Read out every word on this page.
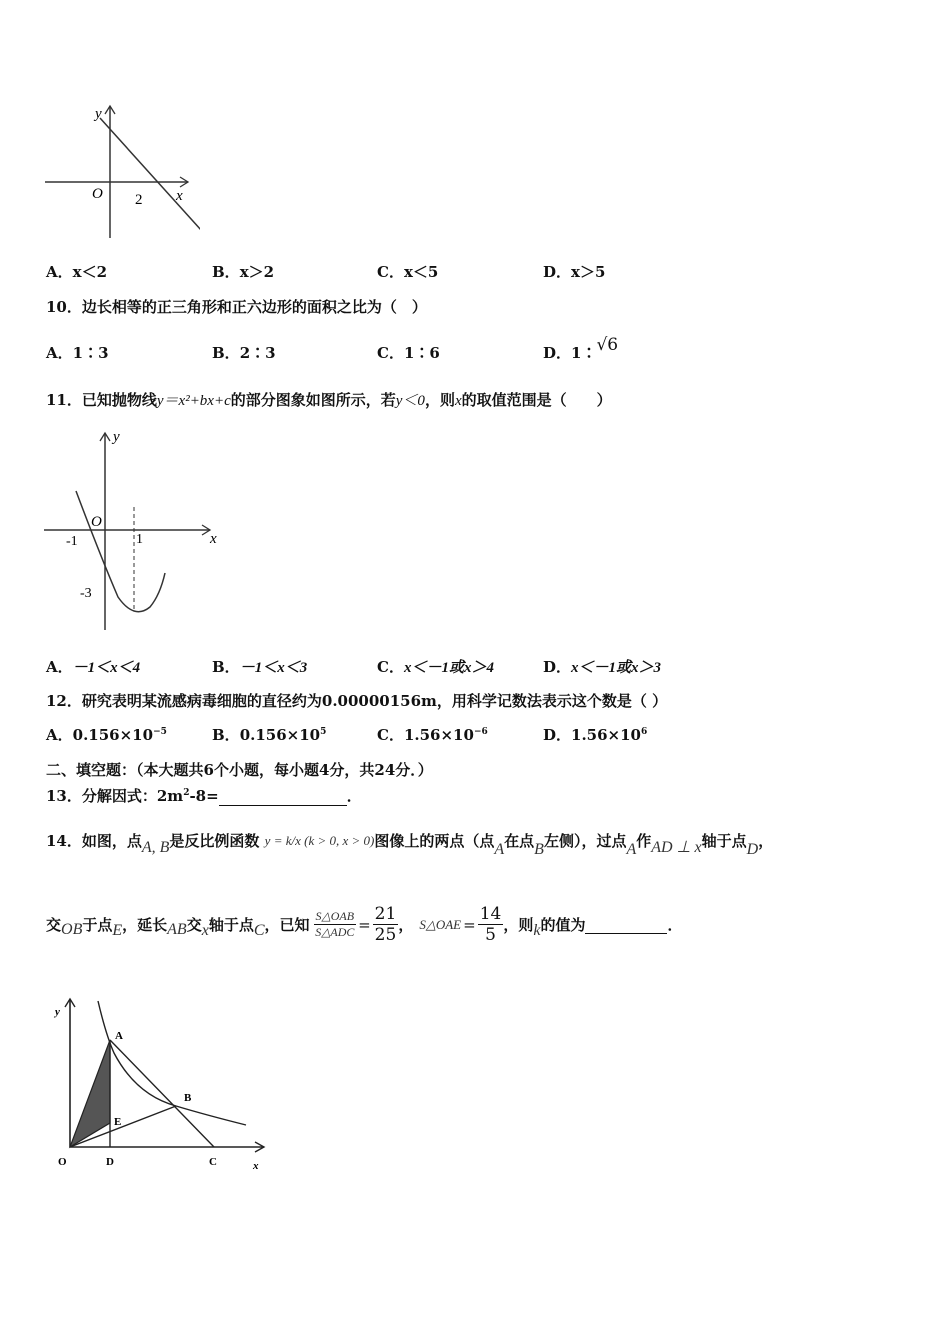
y
x
O 2
A．x＜2	B．x＞2	C．x＜5	D．x＞5
10．边长相等的正三角形和正六边形的面积之比为（　）
A．1∶3	B．2∶3	C．1∶6	D．1∶√6
11．已知抛物线y＝x²+bx+c的部分图象如图所示，若y＜0，则x的取值范围是（　　）
y
x
O
-1	1
-3
A．－1＜x＜4	B．－1＜x＜3	C．x＜－1或x＞4	D．x＜－1或x＞3
12．研究表明某流感病毒细胞的直径约为0.00000156m，用科学记数法表示这个数是（ ）
A．$0.156\times 10^{-5}$	B．$0.156\times 10^5$	C．$1.56\times 10^{-6}$	D．$1.56\times 10^6$
二、填空题：（本大题共6个小题，每小题4分，共24分．）
13．分解因式：$2m^2-8=$	．
14．如图，点A, B是反比例函数 y = k/x (k > 0, x > 0)图像上的两点（点A在点B左侧），过点A作AD ⊥ x轴于点D，
交 OB 于点 E ，延长 AB 交 x 轴于点 C ，已知 $\frac{\text{S△OAB}}{\text{S△ADC}} = \frac{21}{25}$ ， S△OAE = $\frac{14}{5}$ ，则 k 的值为
	．
y
x
O	D	C
A
B
E
